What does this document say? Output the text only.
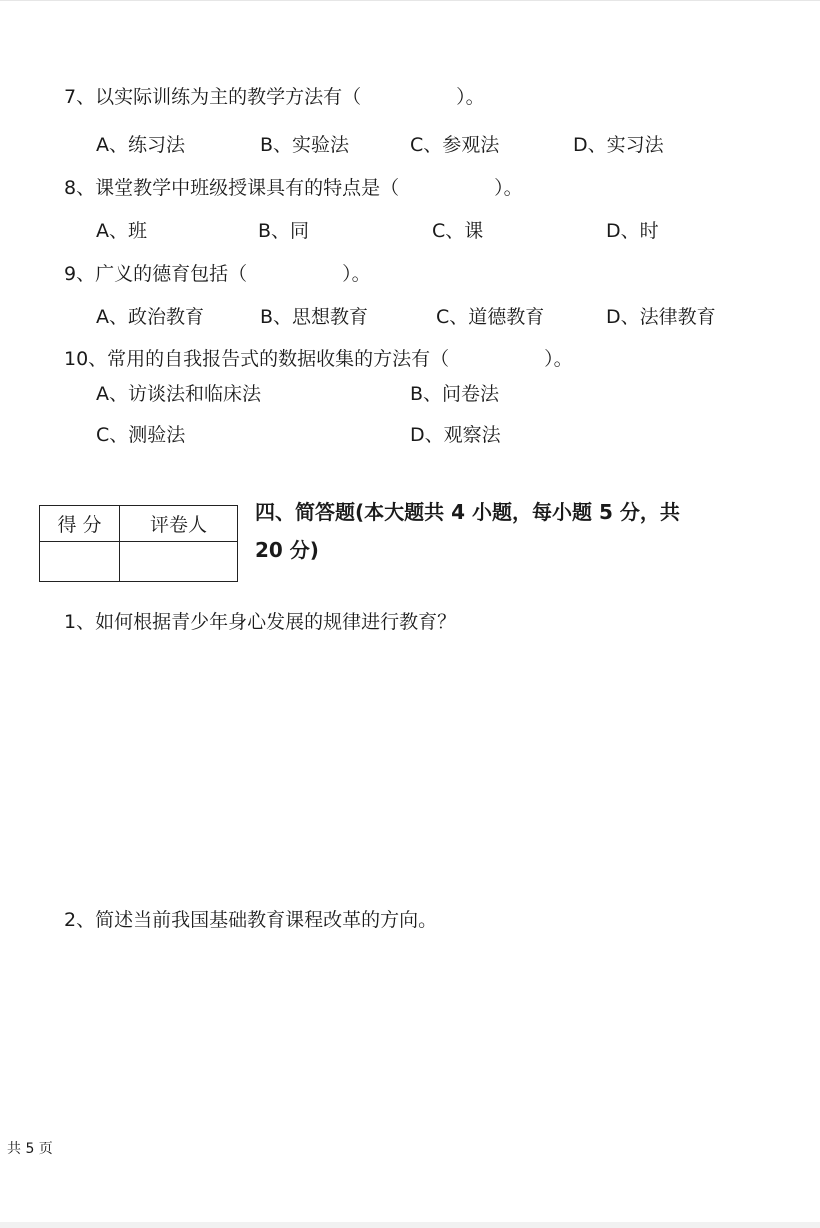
7、以实际训练为主的教学方法有（　　　　　）。
A、练习法	B、实验法	C、参观法	D、实习法
8、课堂教学中班级授课具有的特点是（　　　　　）。
A、班	B、同	C、课	D、时
9、广义的德育包括（　　　　　）。
A、政治教育	B、思想教育	C、道德教育	D、法律教育
10、常用的自我报告式的数据收集的方法有（　　　　　）。
A、访谈法和临床法	B、问卷法
C、测验法	D、观察法
得 分	评卷人

四、简答题(本大题共 4 小题，每小题 5 分，共
20 分)
1、如何根据青少年身心发展的规律进行教育？
2、简述当前我国基础教育课程改革的方向。
共 5 页
